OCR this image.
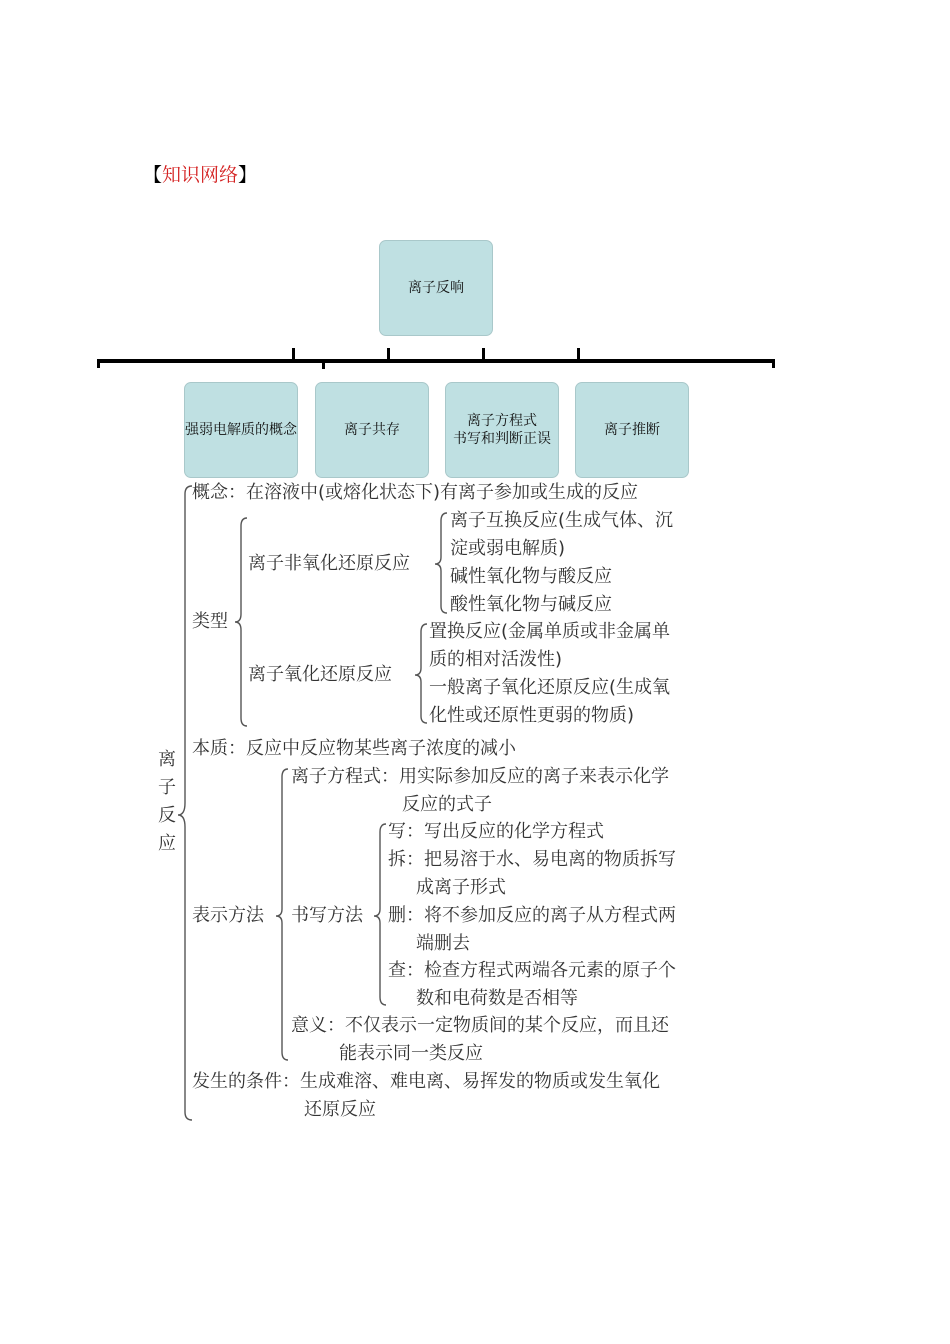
【知识网络】
离子反响
强弱电解质的概念	离子共存
离子方程式
书写和判断正误
离子推断
离
子
反
应
概念：在溶液中(或熔化状态下)有离子参加或生成的反应
类型
离子非氧化还原反应
离子互换反应(生成气体、沉
淀或弱电解质)
碱性氧化物与酸反应
酸性氧化物与碱反应
离子氧化还原反应
置换反应(金属单质或非金属单
质的相对活泼性)
一般离子氧化还原反应(生成氧
化性或还原性更弱的物质)
本质：反应中反应物某些离子浓度的减小
表示方法
离子方程式：用实际参加反应的离子来表示化学
反应的式子
书写方法
写：写出反应的化学方程式
拆：把易溶于水、易电离的物质拆写
成离子形式
删：将不参加反应的离子从方程式两
端删去
查：检查方程式两端各元素的原子个
数和电荷数是否相等
意义：不仅表示一定物质间的某个反应，而且还
能表示同一类反应
发生的条件：生成难溶、难电离、易挥发的物质或发生氧化
还原反应
